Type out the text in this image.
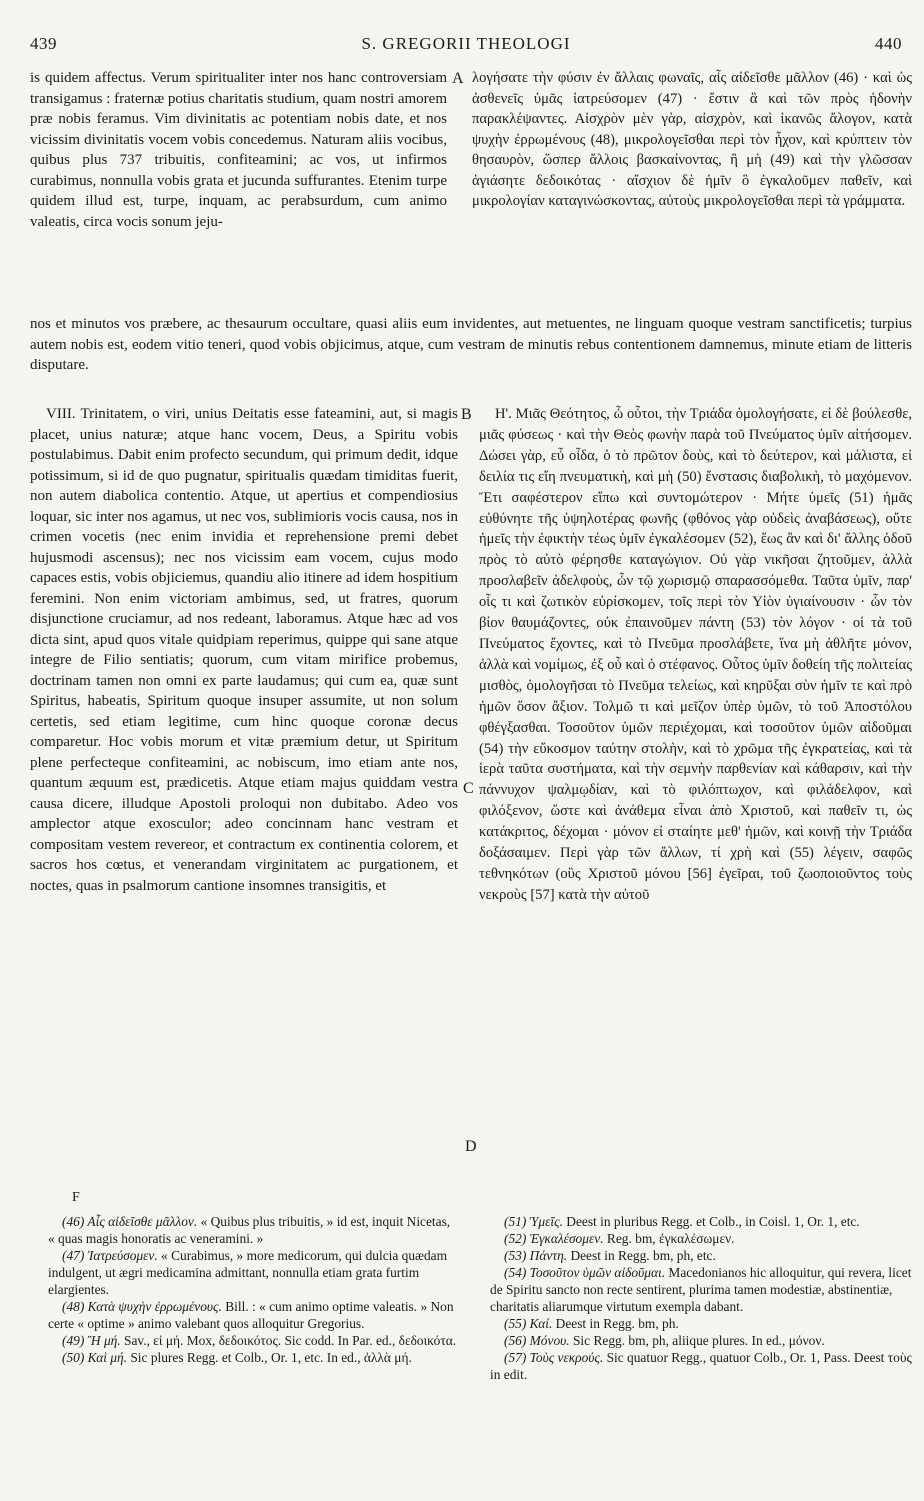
439	S. GREGORII THEOLOGI	440

is quidem affectus. Verum spiritualiter inter nos hanc controversiam transigamus : fraternæ potius charitatis studium, quam nostri amorem præ nobis feramus. Vim divinitatis ac potentiam nobis date, et nos vicissim divinitatis vocem vobis concedemus. Naturam aliis vocibus, quibus plus 737 tribuitis, confiteamini; ac vos, ut infirmos curabimus, nonnulla vobis grata et jucunda suffurantes. Etenim turpe quidem illud est, turpe, inquam, ac perabsurdum, cum animo valeatis, circa vocis sonum jeju-

A λογήσατε τὴν φύσιν ἐν ἄλλαις φωναῖς, αἷς αἰδεῖσθε μᾶλλον (46) · καὶ ὡς ἀσθενεῖς ὑμᾶς ἰατρεύσομεν (47) · ἔστιν ἃ καὶ τῶν πρὸς ἡδονὴν παρακλέψαντες. Αἰσχρὸν μὲν γὰρ, αἰσχρὸν, καὶ ἱκανῶς ἄλογον, κατὰ ψυχὴν ἐρρωμένους (48), μικρολογεῖσθαι περὶ τὸν ἦχον, καὶ κρύπτειν τὸν θησαυρὸν, ὥσπερ ἄλλοις βασκαίνοντας, ἢ μὴ (49) καὶ τὴν γλῶσσαν ἁγιάσητε δεδοικότας · αἴσχιον δὲ ἡμῖν ὃ ἐγκαλοῦμεν παθεῖν, καὶ μικρολογίαν καταγινώσκοντας, αὐτοὺς μικρολογεῖσθαι περὶ τὰ γράμματα.

nos et minutos vos præbere, ac thesaurum occultare, quasi aliis eum invidentes, aut metuentes, ne linguam quoque vestram sanctificetis; turpius autem nobis est, eodem vitio teneri, quod vobis objicimus, atque, cum vestram de minutis rebus contentionem damnemus, minute etiam de litteris disputare.

VIII. Trinitatem, o viri, unius Deitatis esse fateamini, aut, si magis placet, unius naturæ; atque hanc vocem, Deus, a Spiritu vobis postulabimus. Dabit enim profecto secundum, qui primum dedit, idque potissimum, si id de quo pugnatur, spiritualis quædam timiditas fuerit, non autem diabolica contentio. Atque, ut apertius et compendiosius loquar, sic inter nos agamus, ut nec vos, sublimioris vocis causa, nos in crimen vocetis (nec enim invidia et reprehensione premi debet hujusmodi ascensus); nec nos vicissim eam vocem, cujus modo capaces estis, vobis objiciemus, quandiu alio itinere ad idem hospitium feremini. Non enim victoriam ambimus, sed, ut fratres, quorum disjunctione cruciamur, ad nos redeant, laboramus. Atque hæc ad vos dicta sint, apud quos vitale quidpiam reperimus, quippe qui sane atque integre de Filio sentiatis; quorum, cum vitam mirifice probemus, doctrinam tamen non omni ex parte laudamus; qui cum ea, quæ sunt Spiritus, habeatis, Spiritum quoque insuper assumite, ut non solum certetis, sed etiam legitime, cum hinc quoque coronæ decus comparetur. Hoc vobis morum et vitæ præmium detur, ut Spiritum plene perfecteque confiteamini, ac nobiscum, imo etiam ante nos, quantum æquum est, prædicetis. Atque etiam majus quiddam vestra causa dicere, illudque Apostoli proloqui non dubitabo. Adeo vos amplector atque exosculor; adeo concinnam hanc vestram et compositam vestem revereor, et contractum ex continentia colorem, et sacros hos cœtus, et venerandam virginitatem ac purgationem, et noctes, quas in psalmorum cantione insomnes transigitis, et

B
C
D

Η'. Μιᾶς Θεότητος, ὦ οὗτοι, τὴν Τριάδα ὁμολογήσατε, εἰ δὲ βούλεσθε, μιᾶς φύσεως · καὶ τὴν Θεὸς φωνὴν παρὰ τοῦ Πνεύματος ὑμῖν αἰτήσομεν. Δώσει γὰρ, εὖ οἶδα, ὁ τὸ πρῶτον δοὺς, καὶ τὸ δεύτερον, καὶ μάλιστα, εἰ δειλία τις εἴη πνευματικὴ, καὶ μὴ (50) ἔνστασις διαβολικὴ, τὸ μαχόμενον. Ἔτι σαφέστερον εἴπω καὶ συντομώτερον · Μήτε ὑμεῖς (51) ἡμᾶς εὐθύνητε τῆς ὑψηλοτέρας φωνῆς (φθόνος γὰρ οὐδεὶς ἀναβάσεως), οὔτε ἡμεῖς τὴν ἐφικτὴν τέως ὑμῖν ἐγκαλέσομεν (52), ἕως ἂν καὶ δι' ἄλλης ὁδοῦ πρὸς τὸ αὐτὸ φέρησθε καταγώγιον. Οὐ γὰρ νικῆσαι ζητοῦμεν, ἀλλὰ προσλαβεῖν ἀδελφοὺς, ὧν τῷ χωρισμῷ σπαρασσόμεθα. Ταῦτα ὑμῖν, παρ' οἷς τι καὶ ζωτικὸν εὑρίσκομεν, τοῖς περὶ τὸν Υἱὸν ὑγιαίνουσιν · ὧν τὸν βίον θαυμάζοντες, οὐκ ἐπαινοῦμεν πάντη (53) τὸν λόγον · οἱ τὰ τοῦ Πνεύματος ἔχοντες, καὶ τὸ Πνεῦμα προσλάβετε, ἵνα μὴ ἀθλῆτε μόνον, ἀλλὰ καὶ νομίμως, ἐξ οὗ καὶ ὁ στέφανος. Οὗτος ὑμῖν δοθείη τῆς πολιτείας μισθὸς, ὁμολογῆσαι τὸ Πνεῦμα τελείως, καὶ κηρῦξαι σὺν ἡμῖν τε καὶ πρὸ ἡμῶν ὅσον ἄξιον. Τολμῶ τι καὶ μεῖζον ὑπὲρ ὑμῶν, τὸ τοῦ Ἀποστόλου φθέγξασθαι. Τοσοῦτον ὑμῶν περιέχομαι, καὶ τοσοῦτον ὑμῶν αἰδοῦμαι (54) τὴν εὔκοσμον ταύτην στολὴν, καὶ τὸ χρῶμα τῆς ἐγκρατείας, καὶ τὰ ἱερὰ ταῦτα συστήματα, καὶ τὴν σεμνὴν παρθενίαν καὶ κάθαρσιν, καὶ τὴν πάννυχον ψαλμῳδίαν, καὶ τὸ φιλόπτωχον, καὶ φιλάδελφον, καὶ φιλόξενον, ὥστε καὶ ἀνάθεμα εἶναι ἀπὸ Χριστοῦ, καὶ παθεῖν τι, ὡς κατάκριτος, δέχομαι · μόνον εἰ σταίητε μεθ' ἡμῶν, καὶ κοινῇ τὴν Τριάδα δοξάσαιμεν. Περὶ γὰρ τῶν ἄλλων, τί χρὴ καὶ (55) λέγειν, σαφῶς τεθνηκότων (οὓς Χριστοῦ μόνου [56] ἐγεῖραι, τοῦ ζωοποιοῦντος τοὺς νεκροὺς [57] κατὰ τὴν αὐτοῦ

F

(46) Αἷς αἰδεῖσθε μᾶλλον. « Quibus plus tribuitis, » id est, inquit Nicetas, « quas magis honoratis ac veneramini. »

(47) Ἰατρεύσομεν. « Curabimus, » more medicorum, qui dulcia quædam indulgent, ut ægri medicamina admittant, nonnulla etiam grata furtim elargientes.

(48) Κατὰ ψυχὴν ἐρρωμένους. Bill. : « cum animo optime valeatis. » Non certe « optime » animo valebant quos alloquitur Gregorius.

(49) Ἢ μή. Sav., εἰ μή. Mox, δεδοικότος. Sic codd. In Par. ed., δεδοικότα.

(50) Καὶ μή. Sic plures Regg. et Colb., Or. 1, etc. In ed., ἀλλὰ μή.

(51) Ὑμεῖς. Deest in pluribus Regg. et Colb., in Coisl. 1, Or. 1, etc.

(52) Ἐγκαλέσομεν. Reg. bm, ἐγκαλέσωμεν.

(53) Πάντη. Deest in Regg. bm, ph, etc.

(54) Τοσοῦτον ὑμῶν αἰδοῦμαι. Macedonianos hic alloquitur, qui revera, licet de Spiritu sancto non recte sentirent, plurima tamen modestiæ, abstinentiæ, charitatis aliarumque virtutum exempla dabant.

(55) Καί. Deest in Regg. bm, ph.

(56) Μόνου. Sic Regg. bm, ph, aliique plures. In ed., μόνον.

(57) Τοὺς νεκρούς. Sic quatuor Regg., quatuor Colb., Or. 1, Pass. Deest τοὺς in edit.
